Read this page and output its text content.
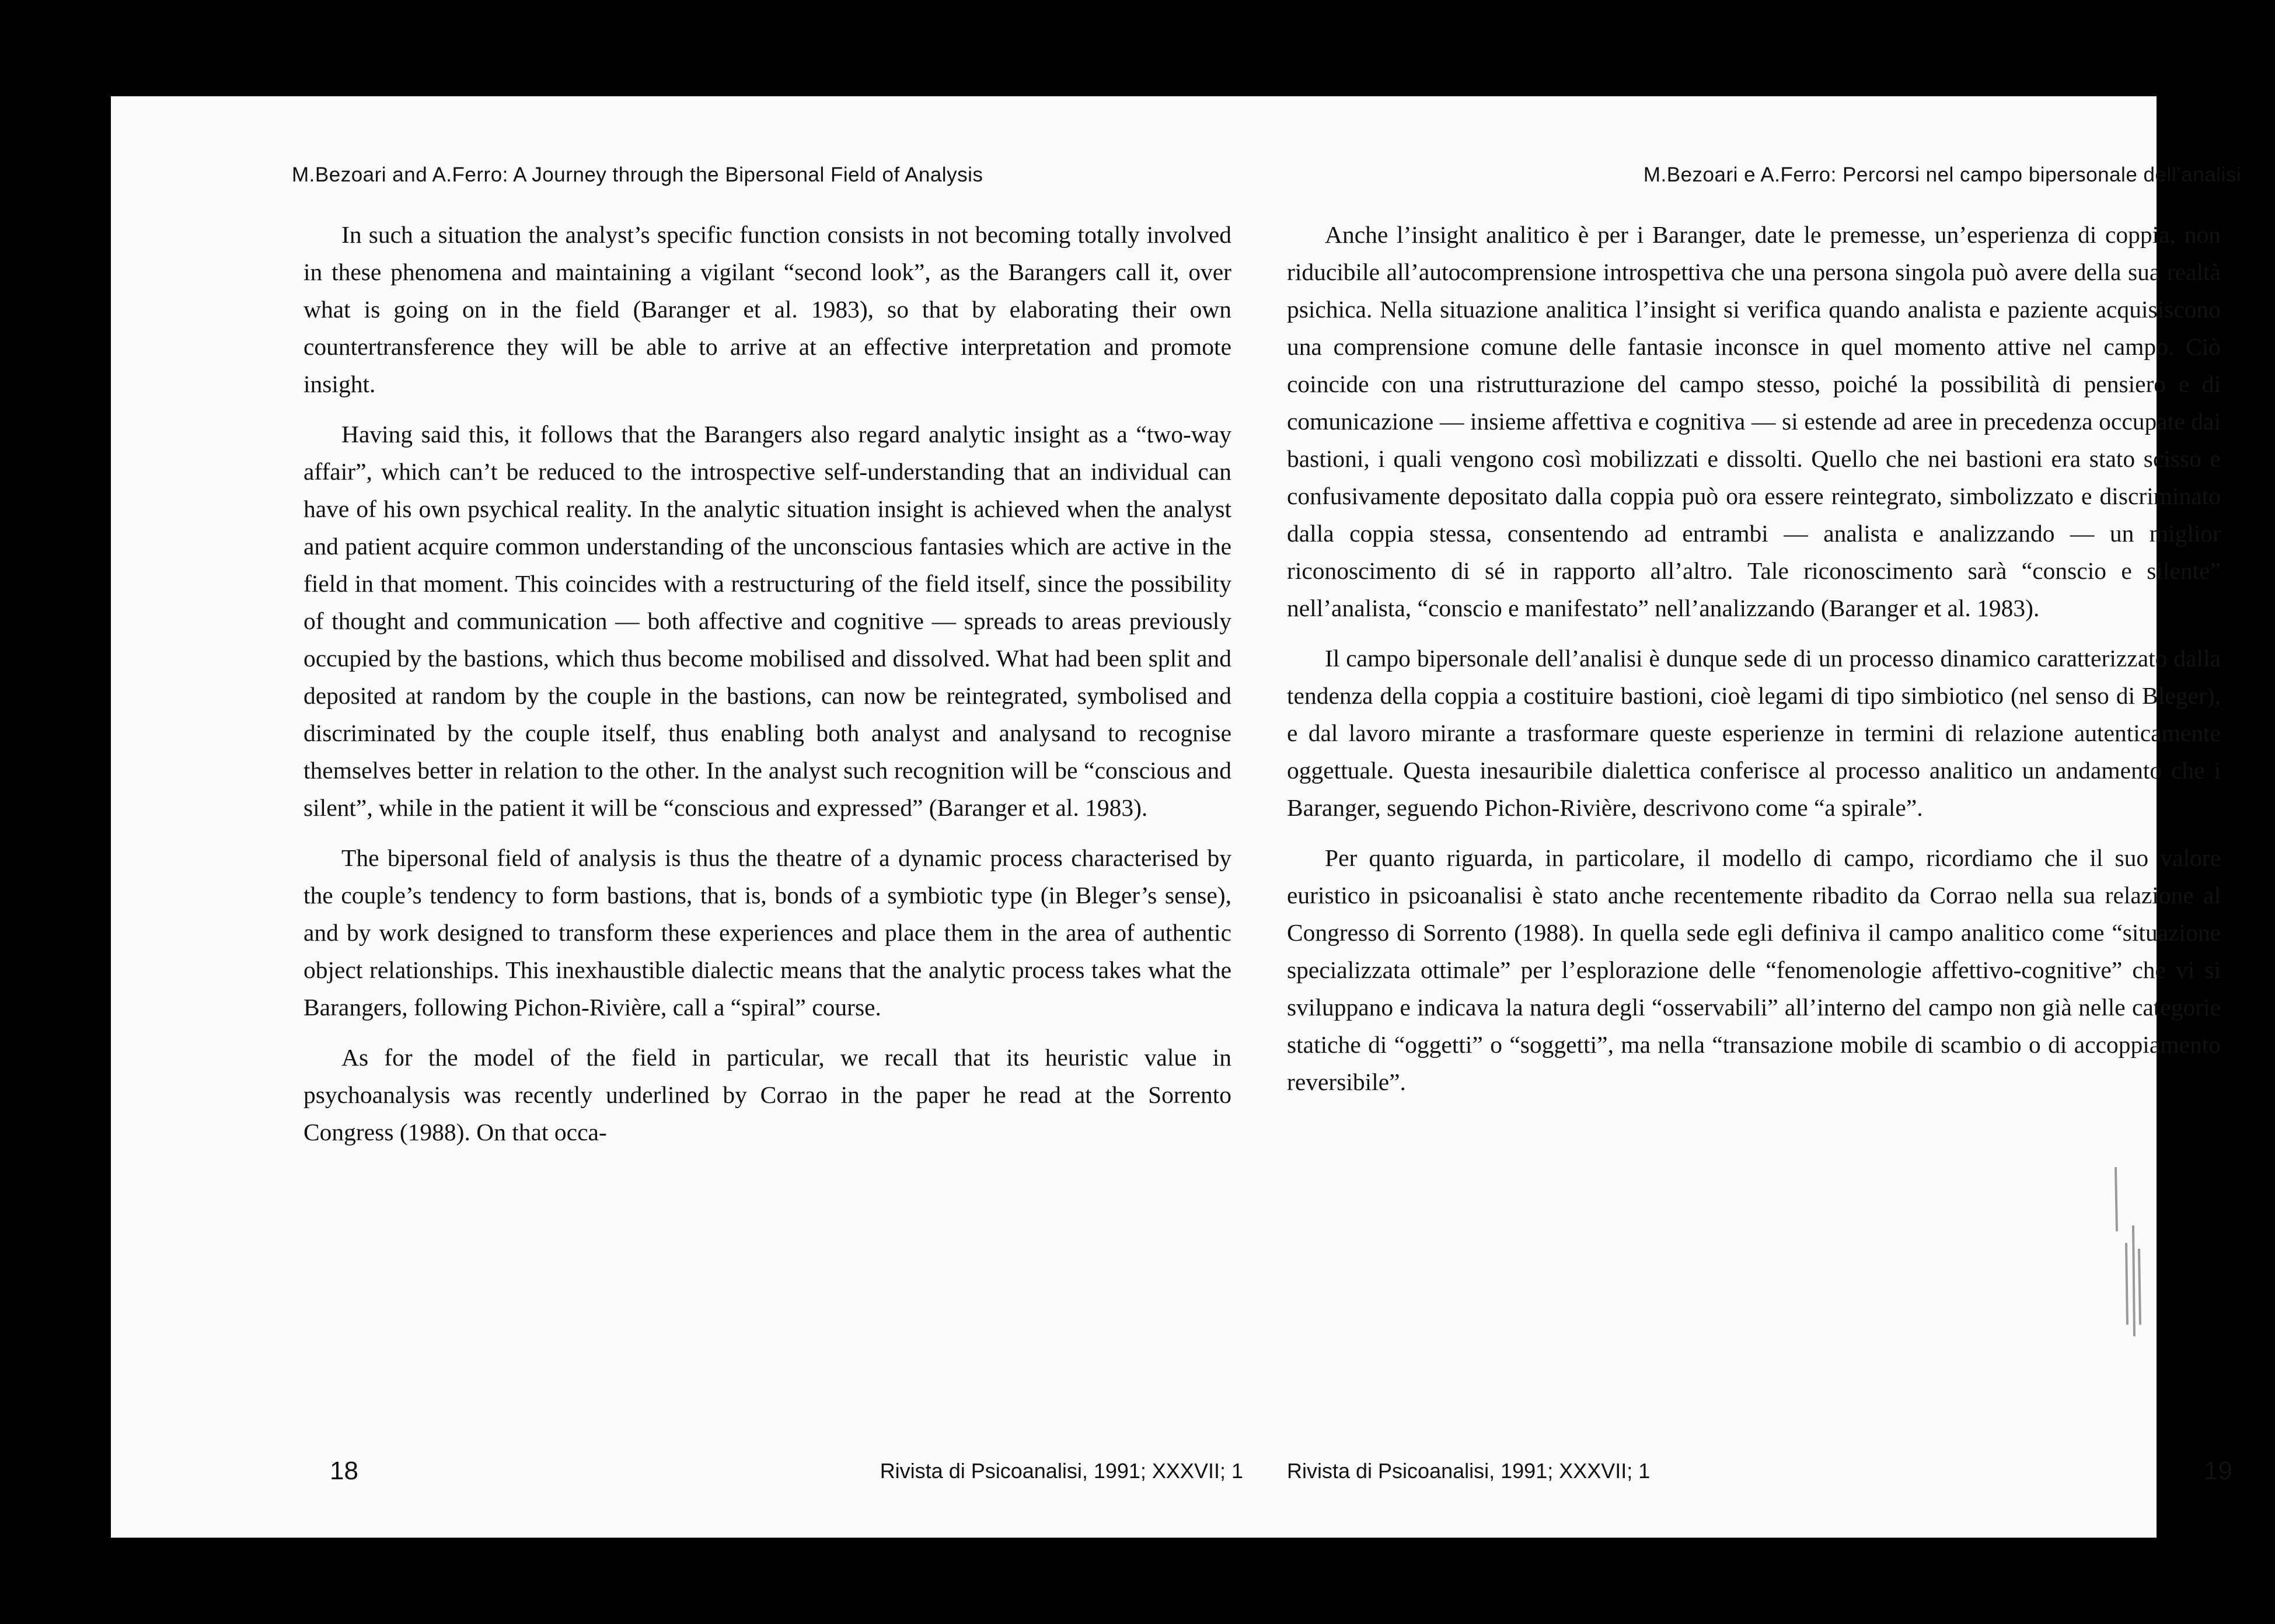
M.Bezoari and A.Ferro: A Journey through the Bipersonal Field of Analysis

In such a situation the analyst’s specific function consists in not becoming totally involved in these phenomena and maintaining a vigilant “second look”, as the Barangers call it, over what is going on in the field (Baranger et al. 1983), so that by elaborating their own countertransference they will be able to arrive at an effective interpretation and promote insight.

Having said this, it follows that the Barangers also regard analytic insight as a “two-way affair”, which can’t be reduced to the introspective self-understanding that an individual can have of his own psychical reality. In the analytic situation insight is achieved when the analyst and patient acquire common understanding of the unconscious fantasies which are active in the field in that moment. This coincides with a restructuring of the field itself, since the possibility of thought and communication — both affective and cognitive — spreads to areas previously occupied by the bastions, which thus become mobilised and dissolved. What had been split and deposited at random by the couple in the bastions, can now be reintegrated, symbolised and discriminated by the couple itself, thus enabling both analyst and analysand to recognise themselves better in relation to the other. In the analyst such recognition will be “conscious and silent”, while in the patient it will be “conscious and expressed” (Baranger et al. 1983).

The bipersonal field of analysis is thus the theatre of a dynamic process characterised by the couple’s tendency to form bastions, that is, bonds of a symbiotic type (in Bleger’s sense), and by work designed to transform these experiences and place them in the area of authentic object relationships. This inexhaustible dialectic means that the analytic process takes what the Barangers, following Pichon-Rivière, call a “spiral” course.

As for the model of the field in particular, we recall that its heuristic value in psychoanalysis was recently underlined by Corrao in the paper he read at the Sorrento Congress (1988). On that occa-

18	Rivista di Psicoanalisi, 1991; XXXVII; 1
M.Bezoari e A.Ferro: Percorsi nel campo bipersonale dell’analisi

Anche l’insight analitico è per i Baranger, date le premesse, un’esperienza di coppia, non riducibile all’autocomprensione introspettiva che una persona singola può avere della sua realtà psichica. Nella situazione analitica l’insight si verifica quando analista e paziente acquisiscono una comprensione comune delle fantasie inconsce in quel momento attive nel campo. Ciò coincide con una ristrutturazione del campo stesso, poiché la possibilità di pensiero e di comunicazione — insieme affettiva e cognitiva — si estende ad aree in precedenza occupate dai bastioni, i quali vengono così mobilizzati e dissolti. Quello che nei bastioni era stato scisso e confusivamente depositato dalla coppia può ora essere reintegrato, simbolizzato e discriminato dalla coppia stessa, consentendo ad entrambi — analista e analizzando — un miglior riconoscimento di sé in rapporto all’altro. Tale riconoscimento sarà “conscio e silente” nell’analista, “conscio e manifestato” nell’analizzando (Baranger et al. 1983).

Il campo bipersonale dell’analisi è dunque sede di un processo dinamico caratterizzato dalla tendenza della coppia a costituire bastioni, cioè legami di tipo simbiotico (nel senso di Bleger), e dal lavoro mirante a trasformare queste esperienze in termini di relazione autenticamente oggettuale. Questa inesauribile dialettica conferisce al processo analitico un andamento che i Baranger, seguendo Pichon-Rivière, descrivono come “a spirale”.

Per quanto riguarda, in particolare, il modello di campo, ricordiamo che il suo valore euristico in psicoanalisi è stato anche recentemente ribadito da Corrao nella sua relazione al Congresso di Sorrento (1988). In quella sede egli definiva il campo analitico come “situazione specializzata ottimale” per l’esplorazione delle “fenomenologie affettivo-cognitive” che vi si sviluppano e indicava la natura degli “osservabili” all’interno del campo non già nelle categorie statiche di “oggetti” o “soggetti”, ma nella “transazione mobile di scambio o di accoppiamento reversibile”.

Rivista di Psicoanalisi, 1991; XXXVII; 1	19
